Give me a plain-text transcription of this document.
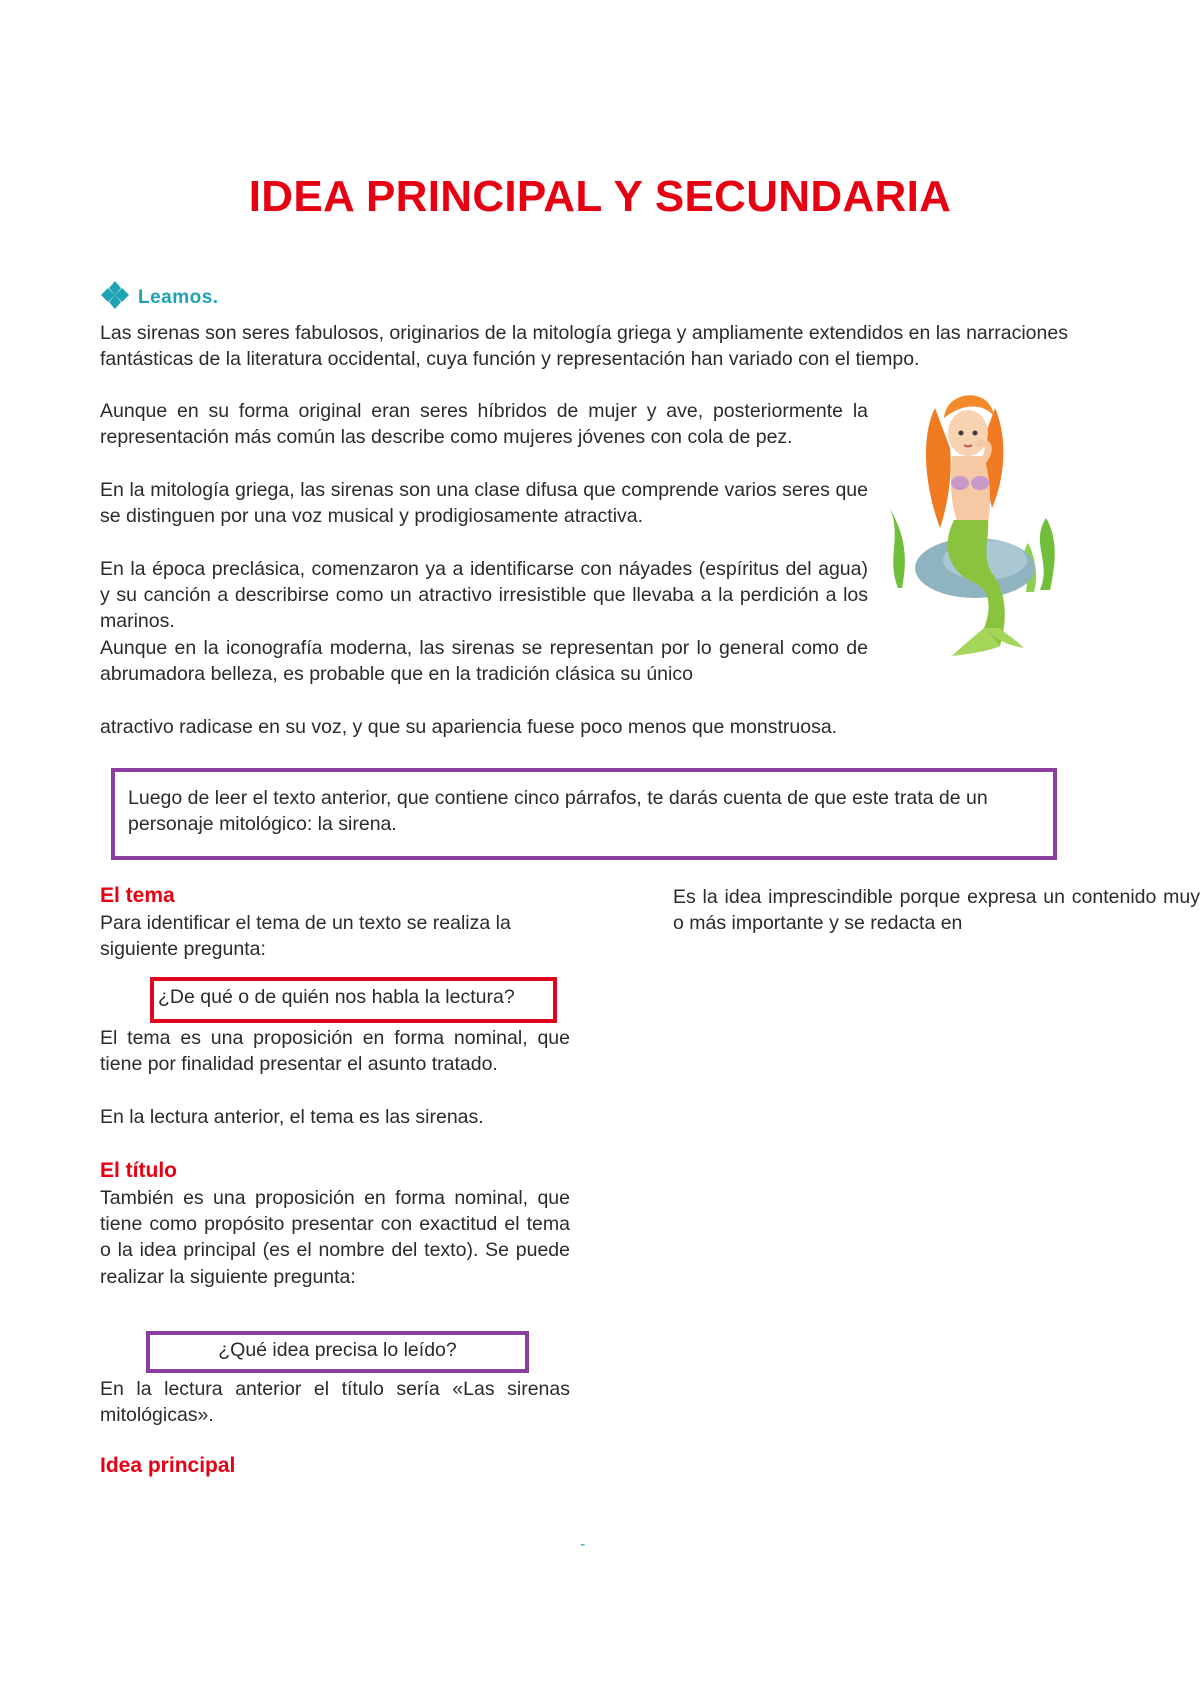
IDEA PRINCIPAL Y SECUNDARIA
Leamos.
Las sirenas son seres fabulosos, originarios de la mitología griega y ampliamente extendidos en las narraciones fantásticas de la literatura occidental, cuya función y representación han variado con el tiempo.
Aunque en su forma original eran seres híbridos de mujer y ave, posteriormente la representación más común las describe como mujeres jóvenes con cola de pez.
En la mitología griega, las sirenas son una clase difusa que comprende varios seres que se distinguen por una voz musical y prodigiosamente atractiva.
En la época preclásica, comenzaron ya a identificarse con náyades (espíritus del agua) y su canción a describirse como un atractivo irresistible que llevaba a la perdición a los marinos.
Aunque en la iconografía moderna, las sirenas se representan por lo general como de abrumadora belleza, es probable que en la tradición clásica su único
atractivo radicase en su voz, y que su apariencia fuese poco menos que monstruosa.
Luego de leer el texto anterior, que contiene cinco párrafos, te darás cuenta de que este trata de un personaje mitológico: la sirena.
El tema
Para identificar el tema de un texto se realiza la siguiente pregunta:
¿De qué o de quién nos habla la lectura?
El tema es una proposición en forma nominal, que tiene por finalidad presentar el asunto tratado.
En la lectura anterior, el tema es las sirenas.
El título
También es una proposición en forma nominal, que tiene como propósito presentar con exactitud el tema o la idea principal (es el nombre del texto). Se puede realizar la siguiente pregunta:
¿Qué idea precisa lo leído?
En la lectura anterior el título sería «Las sirenas mitológicas».
Idea principal
Es la idea imprescindible porque expresa un contenido muy o más importante y se redacta en
-
